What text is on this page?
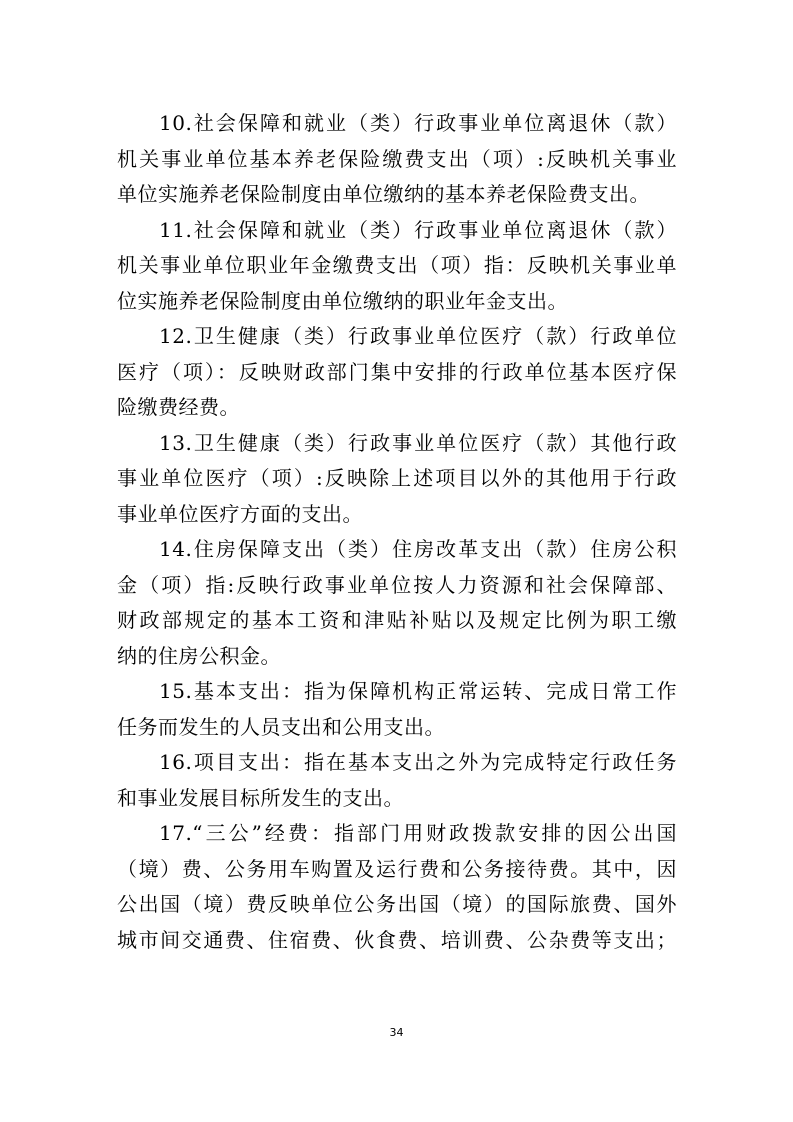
10.社会保障和就业（类）行政事业单位离退休（款）
机关事业单位基本养老保险缴费支出（项）:反映机关事业
单位实施养老保险制度由单位缴纳的基本养老保险费支出。
11.社会保障和就业（类）行政事业单位离退休（款）
机关事业单位职业年金缴费支出（项）指：反映机关事业单
位实施养老保险制度由单位缴纳的职业年金支出。
12.卫生健康（类）行政事业单位医疗（款）行政单位
医疗（项）：反映财政部门集中安排的行政单位基本医疗保
险缴费经费。
13.卫生健康（类）行政事业单位医疗（款）其他行政
事业单位医疗（项）:反映除上述项目以外的其他用于行政
事业单位医疗方面的支出。
14.住房保障支出（类）住房改革支出（款）住房公积
金（项）指:反映行政事业单位按人力资源和社会保障部、
财政部规定的基本工资和津贴补贴以及规定比例为职工缴
纳的住房公积金。
15.基本支出：指为保障机构正常运转、完成日常工作
任务而发生的人员支出和公用支出。
16.项目支出：指在基本支出之外为完成特定行政任务
和事业发展目标所发生的支出。
17.“三公”经费：指部门用财政拨款安排的因公出国
（境）费、公务用车购置及运行费和公务接待费。其中，因
公出国（境）费反映单位公务出国（境）的国际旅费、国外
城市间交通费、住宿费、伙食费、培训费、公杂费等支出；
34
